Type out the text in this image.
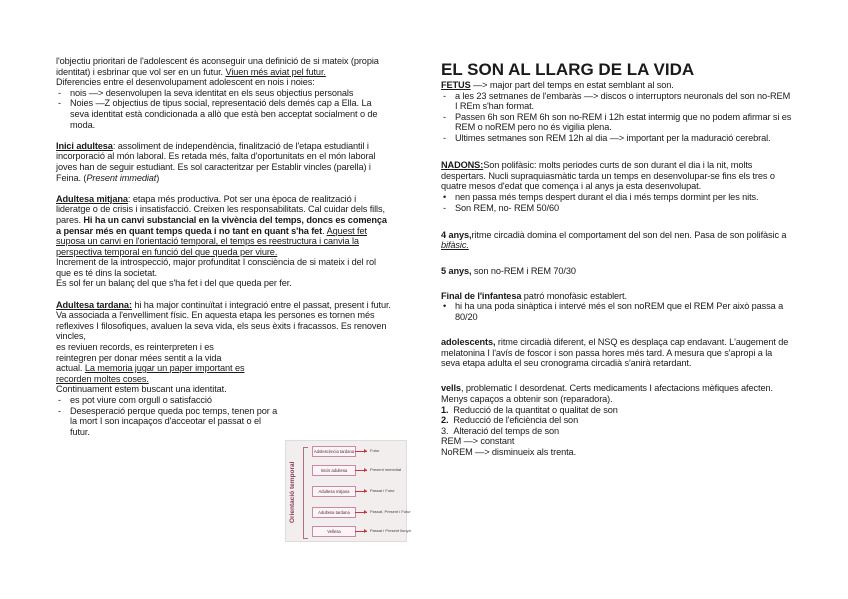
l'objectiu prioritari de l'adolescent és aconseguir una definició de si mateix (propia identitat) i esbrinar que vol ser en un futur. Viuen més aviat pel futur.

Diferencies entre el desenvolupament adolescent en nois i noies:

- nois —> desenvolupen la seva identitat en els seus objectius personals
- Noies —Z objectius de tipus social, representació dels demés cap a Ella. La seva identitat està condicionada a allò que està ben acceptat socialment o de moda.

Inici adultesa: assoliment de independència, finalització de l'etapa estudiantil i incorporació al món laboral. Es retada més, falta d'oportunitats en el món laboral joves han de seguir estudiant. Es sol caracteritzar per Establir vincles (parella) i Feina. (Present immediat)

Adultesa mitjana: etapa més productiva. Pot ser una època de realització i lideratge o de crisis i insatisfacció. Creixen les responsabilitats. Cal cuidar dels fills, pares. Hi ha un canvi substancial en la vivència del temps, doncs es comença a pensar més en quant temps queda i no tant en quant s'ha fet. Aquest fet suposa un canvi en l'orientació temporal, el temps es reestructura i canvia la perspectiva temporal en funció del que queda per viure.

Increment de la introspecció, major profunditat I consciència de si mateix i del rol que es té dins la societat.

Es sol fer un balanç del que s'ha fet i del que queda per fer.

Adultesa tardana: hi ha major continuïtat i integració entre el passat, present i futur. Va associada a l'envelliment físic. En aquesta etapa les persones es tornen més reflexives I filosofiques, avaluen la seva vida, els seus èxits i fracassos. Es renoven vincles,

es reviuen records, es reinterpreten i es

reintegren per donar mées sentit a la vida

actual. La memoria jugar un paper important es recorden moltes coses.

Continuament estem buscant una identitat.

- es pot viure com orgull o satisfacció
- Desesperació perque queda poc temps, tenen por a la mort I son incapaços d'acceotar el passat o el futur.
Orientació temporal
Adolescència tardana	Futur
Inicis adultesa	Present immediat
Adultesa mitjana	Passat i Futur
Adultesa tardana	Passat, Present i Futur
Vellesa	Passat i Present llunyà
EL SON AL LLARG DE LA VIDA

FETUS —> major part del temps en estat semblant al son.

- a les 23 setmanes de l'embaràs —> discos o interruptors neuronals del son no-REM I REm s'han format.
- Passen 6h son REM 6h son no-REM i 12h estat intermig que no podem afirmar si es REM o noREM pero no és vigilia plena.
- Ultimes setmanes son REM 12h al dia —> important per la maduració cerebral.

NADONS:Son polifàsic: molts periodes curts de son durant el dia i la nit, molts despertars. Nucli supraquiasmàtic tarda un temps en desenvolupar-se fins els tres o quatre mesos d'edat que comença i al anys ja esta desenvolupat.

• nen passa més temps despert durant el dia i més temps dormint per les nits.
- Son REM, no- REM 50/60

4 anys,ritme circadià domina el comportament del son del nen. Pasa de son polifàsic a bifàsic.

5 anys, son no-REM i REM 70/30

Final de l'infantesa patró monofàsic establert.

• hi ha una poda sinàptica i intervé més el son noREM que el REM Per això passa a 80/20

adolescents, ritme circadià diferent, el NSQ es desplaça cap endavant. L'augement de melatonina I l'avís de foscor i son passa hores més tard. A mesura que s'apropi a la seva etapa adulta el seu cronograma circadià s'anirà retardant.

vells, problematic I desordenat. Certs medicaments I afectacions mèfiques afecten. Menys capaços a obtenir son (reparadora).

1. Reducció de la quantitat o qualitat de son

2. Reducció de l'eficiència del son

3. Alteració del temps de son

REM —> constant

NoREM —> disminueix als trenta.
